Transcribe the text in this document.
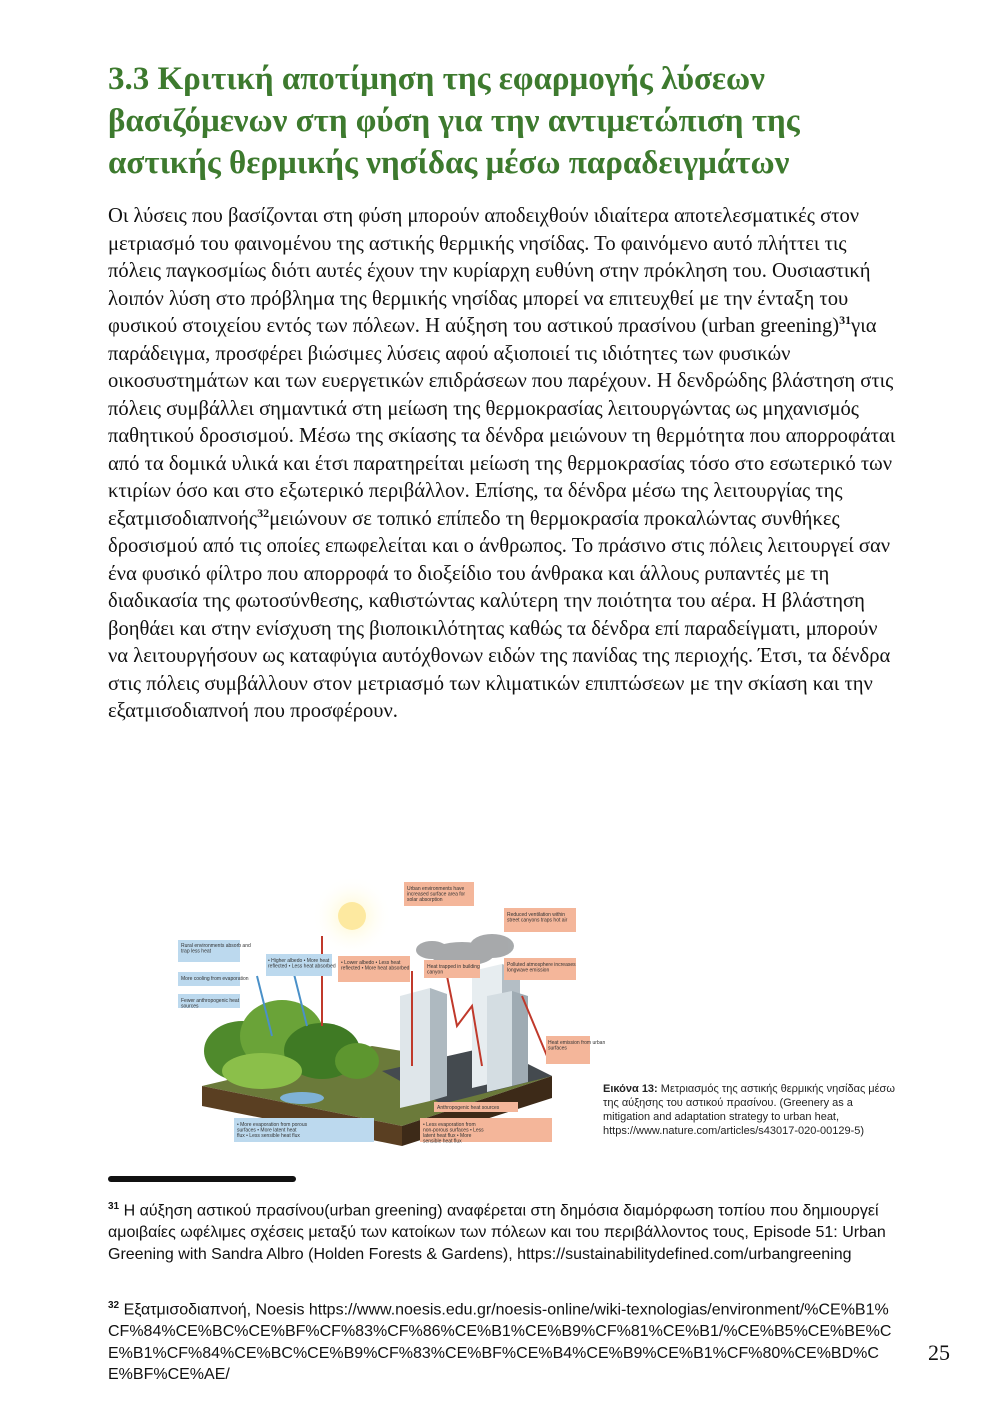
3.3 Κριτική αποτίμηση της εφαρμογής λύσεων βασιζόμενων στη φύση για την αντιμετώπιση της αστικής θερμικής νησίδας μέσω παραδειγμάτων

Οι λύσεις που βασίζονται στη φύση μπορούν αποδειχθούν ιδιαίτερα αποτελεσματικές στον μετριασμό του φαινομένου της αστικής θερμικής νησίδας. Το φαινόμενο αυτό πλήττει τις πόλεις παγκοσμίως διότι αυτές έχουν την κυρίαρχη ευθύνη στην πρόκληση του. Ουσιαστική λοιπόν λύση στο πρόβλημα της θερμικής νησίδας μπορεί να επιτευχθεί με την ένταξη του φυσικού στοιχείου εντός των πόλεων. Η αύξηση του αστικού πρασίνου (urban greening)$^{31}$για παράδειγμα, προσφέρει βιώσιμες λύσεις αφού αξιοποιεί τις ιδιότητες των φυσικών οικοσυστημάτων και των ευεργετικών επιδράσεων που παρέχουν. Η δενδρώδης βλάστηση στις πόλεις συμβάλλει σημαντικά στη μείωση της θερμοκρασίας λειτουργώντας ως μηχανισμός παθητικού δροσισμού. Μέσω της σκίασης τα δένδρα μειώνουν τη θερμότητα που απορροφάται από τα δομικά υλικά και έτσι παρατηρείται μείωση της θερμοκρασίας τόσο στο εσωτερικό των κτιρίων όσο και στο εξωτερικό περιβάλλον. Επίσης, τα δένδρα μέσω της λειτουργίας της εξατμισοδιαπνοής$^{32}$μειώνουν σε τοπικό επίπεδο τη θερμοκρασία προκαλώντας συνθήκες δροσισμού από τις οποίες επωφελείται και ο άνθρωπος. Το πράσινο στις πόλεις λειτουργεί σαν ένα φυσικό φίλτρο που απορροφά το διοξείδιο του άνθρακα και άλλους ρυπαντές με τη διαδικασία της φωτοσύνθεσης, καθιστώντας καλύτερη την ποιότητα του αέρα. Η βλάστηση βοηθάει και στην ενίσχυση της βιοποικιλότητας καθώς τα δένδρα επί παραδείγματι, μπορούν να λειτουργήσουν ως καταφύγια αυτόχθονων ειδών της πανίδας της περιοχής. Έτσι, τα δένδρα στις πόλεις συμβάλλουν στον μετριασμό των κλιματικών επιπτώσεων με την σκίαση και την εξατμισοδιαπνοή που προσφέρουν.

Rural environments absorb and trap less heat
More cooling from evaporation
Fewer anthropogenic heat sources
• Higher albedo • More heat reflected • Less heat absorbed
• More evaporation from porous surfaces • More latent heat flux • Less sensible heat flux
Urban environments have increased surface area for solar absorption
Reduced ventilation within street canyons traps hot air
• Lower albedo • Less heat reflected • More heat absorbed	Heat trapped in building canyon
Polluted atmosphere increases longwave emission
Heat emission from urban surfaces
Anthropogenic heat sources
• Less evaporation from non-porous surfaces • Less latent heat flux • More sensible heat flux
Εικόνα 13: Μετριασμός της αστικής θερμικής νησίδας μέσω της αύξησης του αστικού πρασίνου. (Greenery as a mitigation and adaptation strategy to urban heat, https://www.nature.com/articles/s43017-020-00129-5)
$^{31}$ Η αύξηση αστικού πρασίνου(urban greening) αναφέρεται στη δημόσια διαμόρφωση τοπίου που δημιουργεί αμοιβαίες ωφέλιμες σχέσεις μεταξύ των κατοίκων των πόλεων και του περιβάλλοντος τους, Episode 51: Urban Greening with Sandra Albro (Holden Forests & Gardens), https://sustainabilitydefined.com/urbangreening
$^{32}$ Εξατμισοδιαπνοή, Noesis https://www.noesis.edu.gr/noesis-online/wiki-texnologias/environment/%CE%B1%CF%84%CE%BC%CE%BF%CF%83%CF%86%CE%B1%CE%B9%CF%81%CE%B1/%CE%B5%CE%BE%CE%B1%CF%84%CE%BC%CE%B9%CF%83%CE%BF%CE%B4%CE%B9%CE%B1%CF%80%CE%BD%CE%BF%CE%AE/
25
